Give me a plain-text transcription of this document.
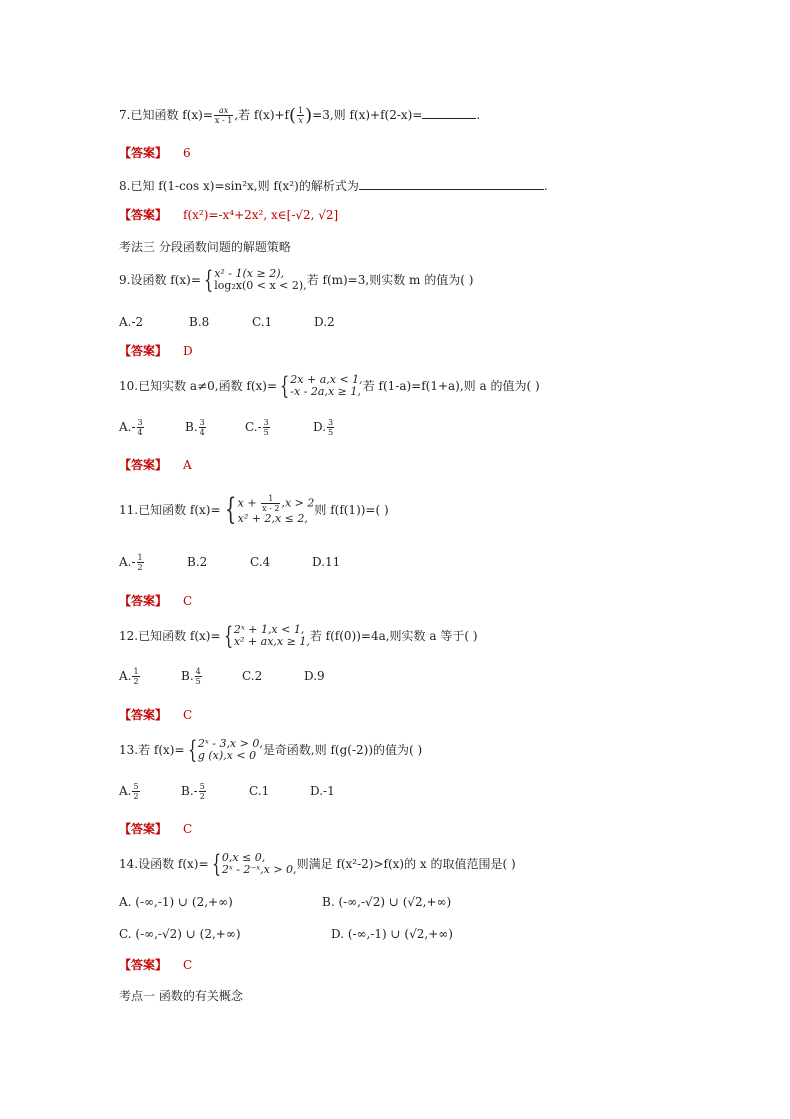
7.已知函数 $f(x)= \frac{ax}{x - 1}$ ,若 f(x)+f ( $\frac{1}{x}$ ) =3,则 f(x)+f(2-x)=	.
【答案】 6
8.已知 f(1-cos x)=sin²x,则 f(x²)的解析式为	.
【答案】 f(x²)=-x⁴+2x², x∈[-√2, √2]
考法三 分段函数问题的解题策略
9. 设函数 f(x)= { x² - 1(x ≥ 2),
log₂x(0 < x < 2), 若 f(m)=3,则实数 m 的值为( )
A.-2	B.8	C.1	D.2
【答案】 D
10. 已知实数 a≠0,函数 f(x)= { 2x + a,x < 1,
-x - 2a,x ≥ 1, 若 f(1-a)=f(1+a),则 a 的值为( )
$A.- \frac{3}{4}$	B. $\frac{3}{4}$	$C.- \frac{3}{5}$	D. $\frac{3}{5}$
【答案】 A
11. 已知函数 f(x)= { $x + \frac{1}{x - 2} ,x > 2$
x² + 2,x ≤ 2,
则 f(f(1))=( )
$A.- \frac{1}{2}$	B.2	C.4	D.11
【答案】 C
12. 已知函数 f(x)= { 2ˣ + 1,x < 1,
x² + ax,x ≥ 1, 若 f(f(0))=4a,则实数 a 等于( )
A. $\frac{1}{2}$	B. $\frac{4}{5}$	C.2	D.9
【答案】 C
13. 若 f(x)= { 2ˣ - 3,x > 0,
g (x),x < 0 是奇函数,则 f(g(-2))的值为( )
A. $\frac{5}{2}$	$B.- \frac{5}{2}$	C.1	D.-1
【答案】 C
14. 设函数 f(x)= { 0,x ≤ 0,
2ˣ - 2⁻ˣ,x > 0, 则满足 f(x²-2)>f(x)的 x 的取值范围是( )
A. (-∞,-1) ∪ (2,+∞)	B. (-∞,-√2) ∪ (√2,+∞)
C. (-∞,-√2) ∪ (2,+∞)	D. (-∞,-1) ∪ (√2,+∞)
【答案】 C
考点一 函数的有关概念
